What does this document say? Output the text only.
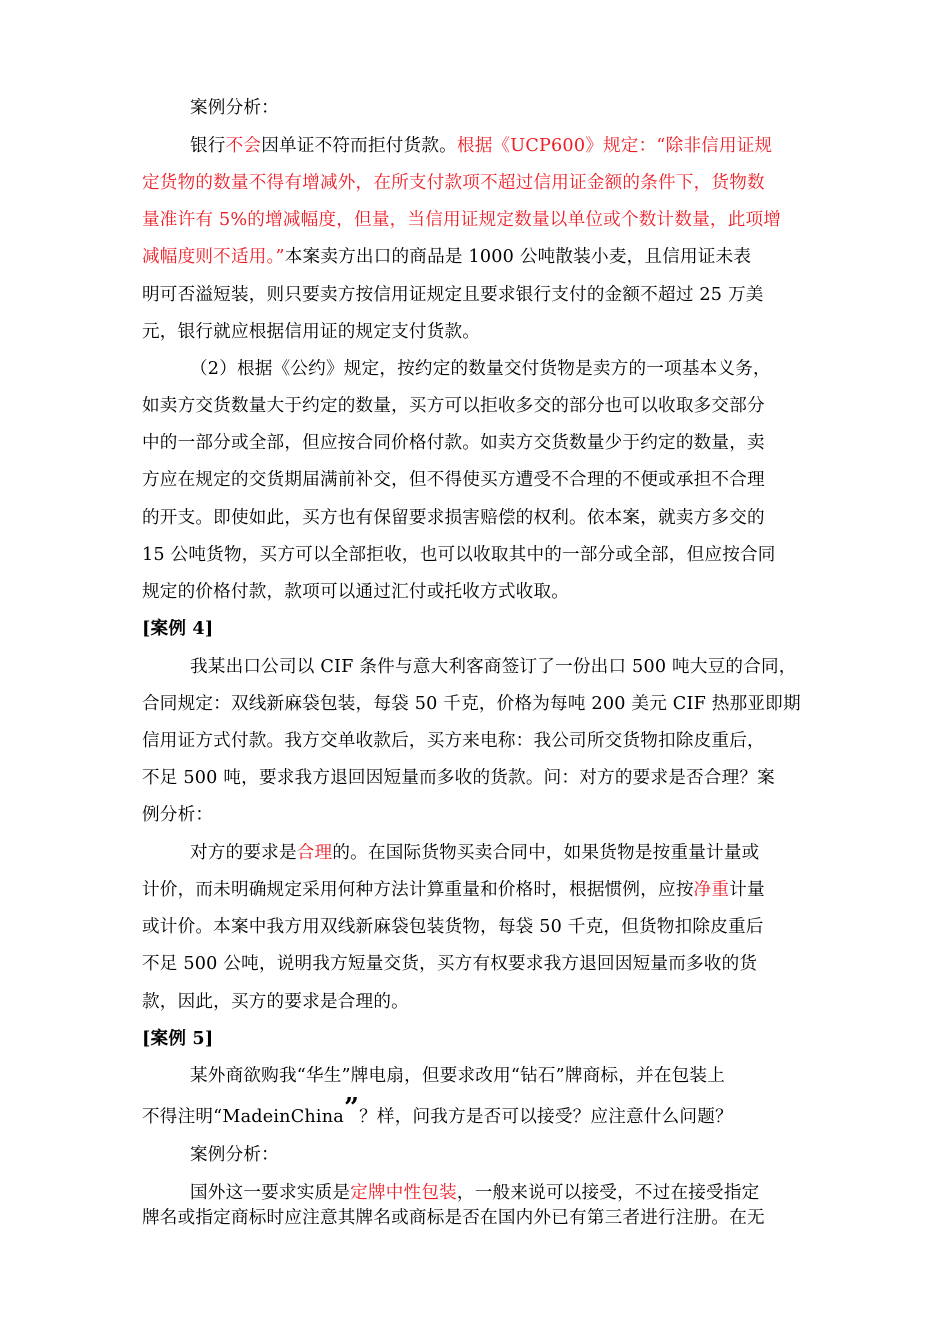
案例分析：
银行不会因单证不符而拒付货款。根据《UCP600》规定：“除非信用证规
定货物的数量不得有增减外，在所支付款项不超过信用证金额的条件下，货物数
量准许有 5%的增减幅度，但量，当信用证规定数量以单位或个数计数量，此项增
减幅度则不适用。”本案卖方出口的商品是 1000 公吨散装小麦，且信用证未表
明可否溢短装，则只要卖方按信用证规定且要求银行支付的金额不超过 25 万美
元，银行就应根据信用证的规定支付货款。
（2）根据《公约》规定，按约定的数量交付货物是卖方的一项基本义务，
如卖方交货数量大于约定的数量，买方可以拒收多交的部分也可以收取多交部分
中的一部分或全部，但应按合同价格付款。如卖方交货数量少于约定的数量，卖
方应在规定的交货期届满前补交，但不得使买方遭受不合理的不便或承担不合理
的开支。即使如此，买方也有保留要求损害赔偿的权利。依本案，就卖方多交的
15 公吨货物，买方可以全部拒收，也可以收取其中的一部分或全部，但应按合同
规定的价格付款，款项可以通过汇付或托收方式收取。
[案例 4]
我某出口公司以 CIF 条件与意大利客商签订了一份出口 500 吨大豆的合同，
合同规定：双线新麻袋包装，每袋 50 千克，价格为每吨 200 美元 CIF 热那亚即期
信用证方式付款。我方交单收款后，买方来电称：我公司所交货物扣除皮重后，
不足 500 吨，要求我方退回因短量而多收的货款。问：对方的要求是否合理？案
例分析：
对方的要求是合理的。在国际货物买卖合同中，如果货物是按重量计量或
计价，而未明确规定采用何种方法计算重量和价格时，根据惯例，应按净重计量
或计价。本案中我方用双线新麻袋包装货物，每袋 50 千克，但货物扣除皮重后
不足 500 公吨，说明我方短量交货，买方有权要求我方退回因短量而多收的货
款，因此，买方的要求是合理的。
[案例 5]
某外商欲购我“华生”牌电扇，但要求改用“钻石”牌商标，并在包装上
不得注明“MadeinChina”？样，问我方是否可以接受？应注意什么问题？
案例分析：
国外这一要求实质是定牌中性包装，一般来说可以接受，不过在接受指定
牌名或指定商标时应注意其牌名或商标是否在国内外已有第三者进行注册。在无
